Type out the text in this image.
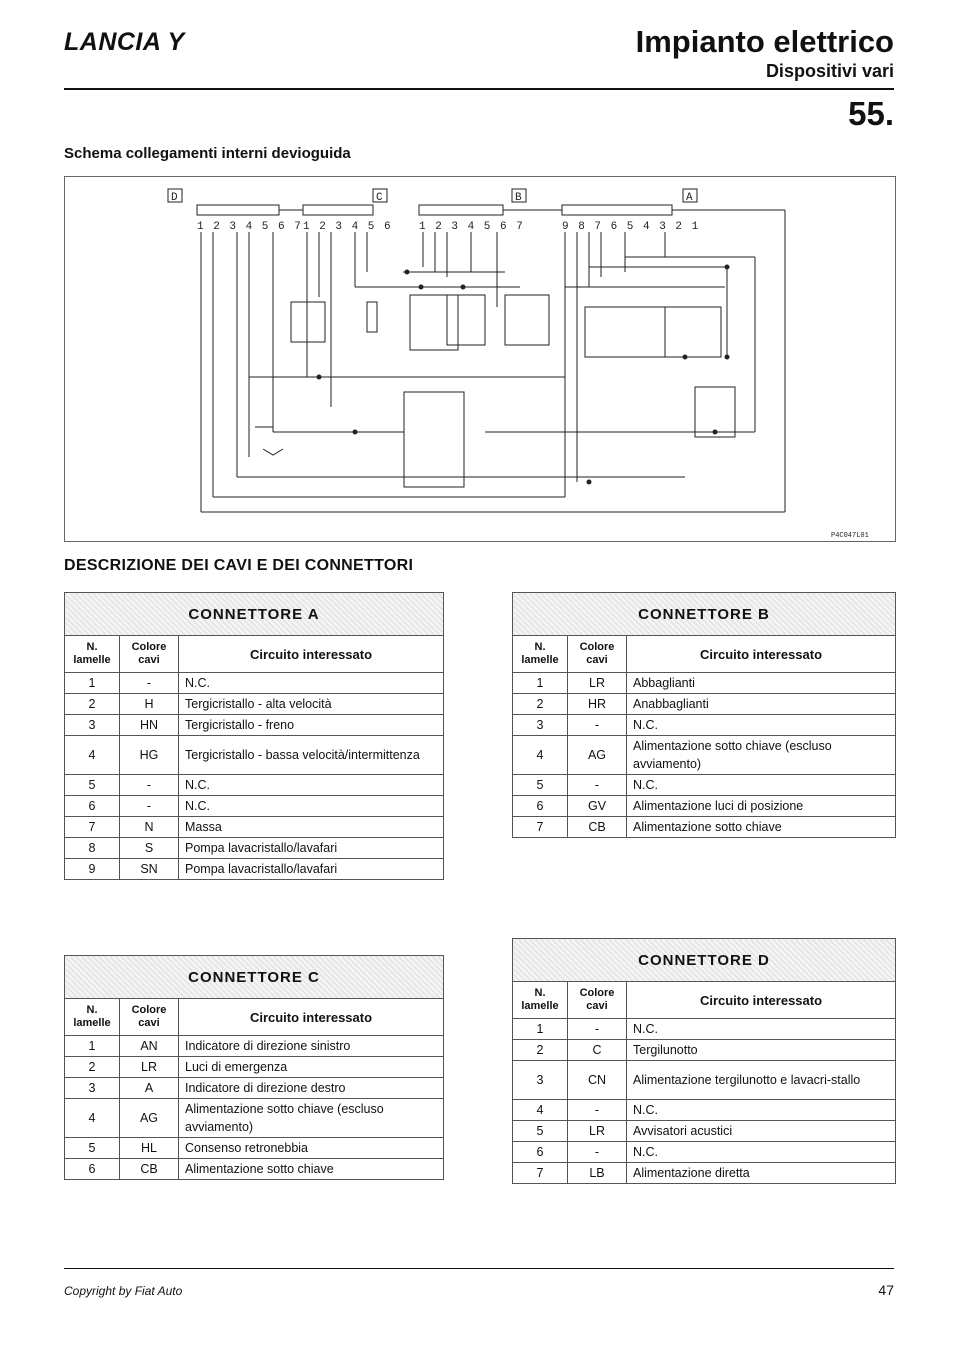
LANCIA Y	Impianto elettrico
Dispositivi vari
55.
Schema collegamenti interni devioguida
D	C	B	A
1 2 3 4 5 6 7 1 2 3 4 5 6 1 2 3 4 5 6 7	9 8 7 6 5 4 3 2 1
P4C047L01
DESCRIZIONE DEI CAVI E DEI CONNETTORI
CONNETTORE A		
N. lamelle	Colore cavi	Circuito interessato
1	-	N.C.
2	H	Tergicristallo - alta velocità
3	HN	Tergicristallo - freno
4	HG	Tergicristallo - bassa velocità/intermittenza
5	-	N.C.
6	-	N.C.
7	N	Massa
8	S	Pompa lavacristallo/lavafari
9	SN	Pompa lavacristallo/lavafari
CONNETTORE B		
N. lamelle	Colore cavi	Circuito interessato
1	LR	Abbaglianti
2	HR	Anabbaglianti
3	-	N.C.
4	AG	Alimentazione sotto chiave (escluso avviamento)
5	-	N.C.
6	GV	Alimentazione luci di posizione
7	CB	Alimentazione sotto chiave
CONNETTORE C		
N. lamelle	Colore cavi	Circuito interessato
1	AN	Indicatore di direzione sinistro
2	LR	Luci di emergenza
3	A	Indicatore di direzione destro
4	AG	Alimentazione sotto chiave (escluso avviamento)
5	HL	Consenso retronebbia
6	CB	Alimentazione sotto chiave
CONNETTORE D		
N. lamelle	Colore cavi	Circuito interessato
1	-	N.C.
2	C	Tergilunotto
3	CN	Alimentazione tergilunotto e lavacri-stallo
4	-	N.C.
5	LR	Avvisatori acustici
6	-	N.C.
7	LB	Alimentazione diretta
Copyright by Fiat Auto	47
